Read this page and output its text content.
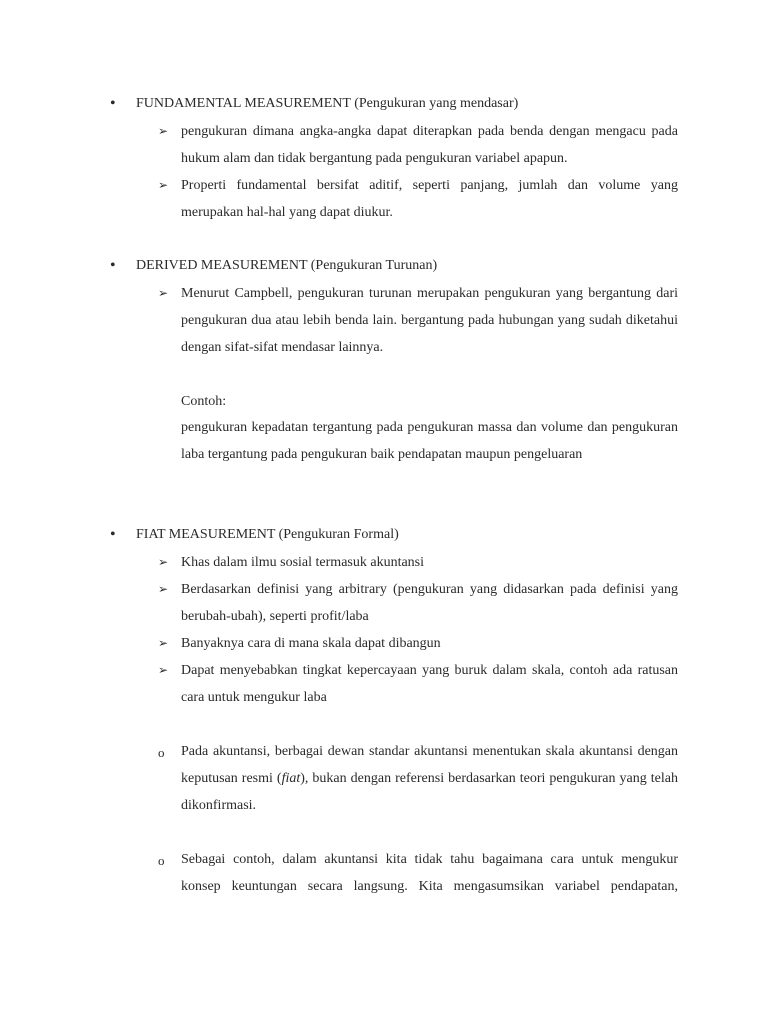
• FUNDAMENTAL MEASUREMENT (Pengukuran yang mendasar)
➢ pengukuran dimana angka-angka dapat diterapkan pada benda dengan mengacu pada hukum alam dan tidak bergantung pada pengukuran variabel apapun.
➢ Properti fundamental bersifat aditif, seperti panjang, jumlah dan volume yang merupakan hal-hal yang dapat diukur.
• DERIVED MEASUREMENT (Pengukuran Turunan)
➢ Menurut Campbell, pengukuran turunan merupakan pengukuran yang bergantung dari pengukuran dua atau lebih benda lain. bergantung pada hubungan yang sudah diketahui dengan sifat-sifat mendasar lainnya.
Contoh:
pengukuran kepadatan tergantung pada pengukuran massa dan volume dan pengukuran laba tergantung pada pengukuran baik pendapatan maupun pengeluaran
• FIAT MEASUREMENT (Pengukuran Formal)
➢ Khas dalam ilmu sosial termasuk akuntansi
➢ Berdasarkan definisi yang arbitrary (pengukuran yang didasarkan pada definisi yang berubah-ubah), seperti profit/laba
➢ Banyaknya cara di mana skala dapat dibangun
➢ Dapat menyebabkan tingkat kepercayaan yang buruk dalam skala, contoh ada ratusan cara untuk mengukur laba
o	Pada akuntansi, berbagai dewan standar akuntansi menentukan skala akuntansi dengan keputusan resmi (fiat), bukan dengan referensi berdasarkan teori pengukuran yang telah dikonfirmasi.
o	Sebagai contoh, dalam akuntansi kita tidak tahu bagaimana cara untuk mengukur konsep keuntungan secara langsung. Kita mengasumsikan variabel pendapatan,
